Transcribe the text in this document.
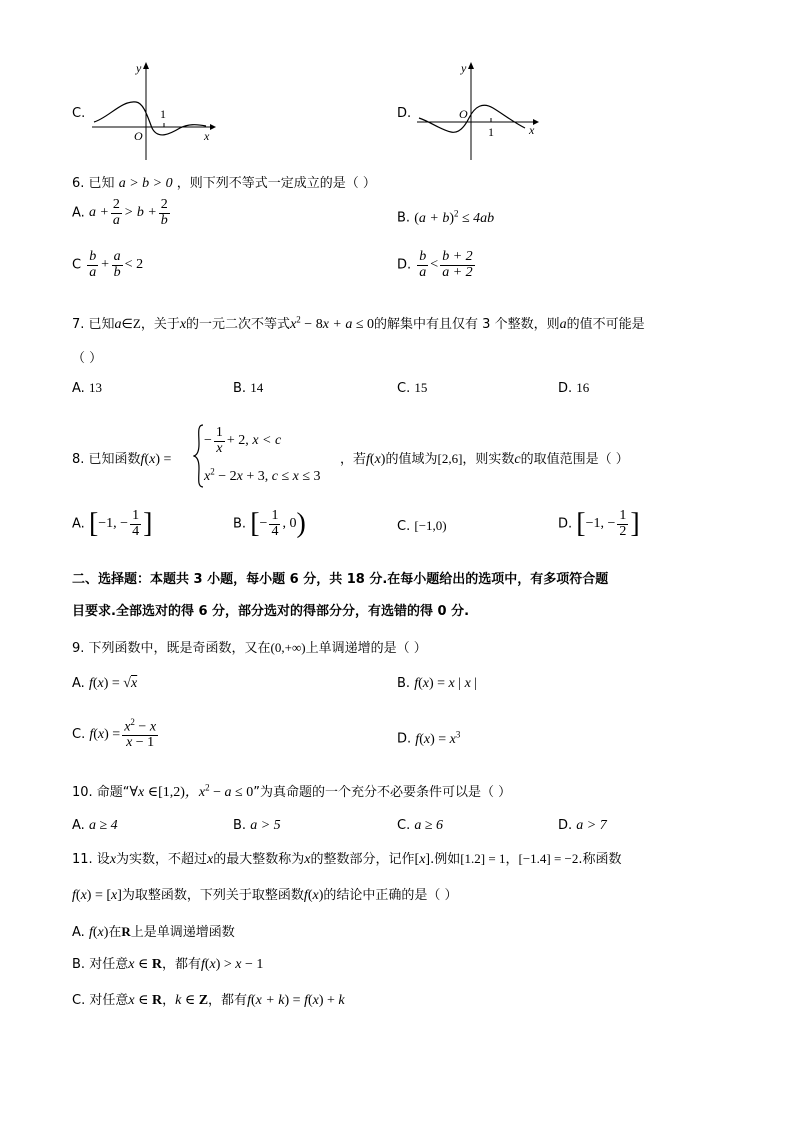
C.
y
x
O
1	D.
y
x
O
1
6. 已知 a > b > 0 ，则下列不等式一定成立的是（ ）
A. $a + \frac{2}{a} > b + \frac{2}{b}$	B. $(a + b)^2 \le 4ab$
C $\frac{b}{a} + \frac{a}{b} < 2$	D. $\frac{b}{a} < \frac{b + 2}{a + 2}$
7. 已知a∈Z，关于x的一元二次不等式$x^2 - 8x + a \le 0$的解集中有且仅有 3 个整数，则a的值不可能是
（ ）
A. 13	B. 14	C. 15	D. 16
8. 已知函数f(x) =
− $\frac{1}{x} + 2$, x < c
$x^2 - 2x + 3$, c ≤ x ≤ 3
，若f(x)的值域为[2,6]，则实数c的取值范围是（ ）
A. [−1, − $\frac{1}{4}$ ]	B. [− $\frac{1}{4}$ , 0)	C. [−1,0)	D. [−1, − $\frac{1}{2}$ ]
二、选择题：本题共 3 小题，每小题 6 分，共 18 分.在每小题给出的选项中，有多项符合题
目要求.全部选对的得 6 分，部分选对的得部分分，有选错的得 0 分.
9. 下列函数中，既是奇函数，又在(0,+∞)上单调递增的是（ ）
A. f(x) = √x	B. f(x) = x | x |
C. $f(x) = \frac{x^2 - x}{x - 1}$	D. $f(x) = x^3$
10. 命题“∀x ∈[1,2)，$x^2 - a \le 0$”为真命题的一个充分不必要条件可以是（ ）
A. a ≥ 4	B. a > 5	C. a ≥ 6	D. a > 7
11. 设x为实数，不超过x的最大整数称为x的整数部分，记作[x].例如[1.2] = 1，[−1.4] = −2.称函数
f(x) = [x]为取整函数，下列关于取整函数f(x)的结论中正确的是（ ）
A. f(x)在R上是单调递增函数
B. 对任意x ∈ R，都有f(x) > x − 1
C. 对任意x ∈ R，k ∈ Z，都有f(x + k) = f(x) + k
